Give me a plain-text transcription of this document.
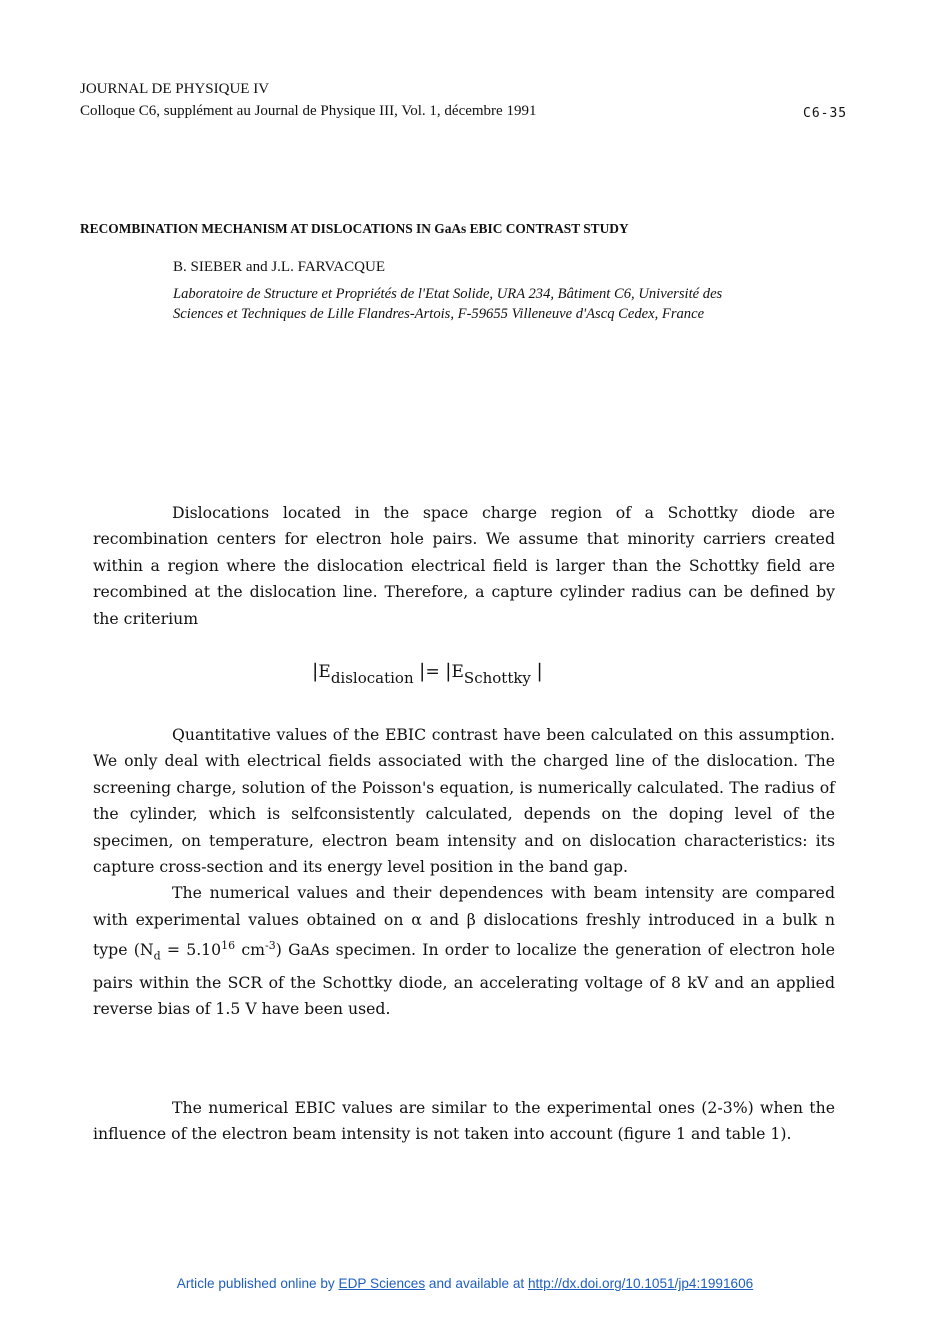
JOURNAL DE PHYSIQUE IV
Colloque C6, supplément au Journal de Physique III, Vol. 1, décembre 1991	C6-35
RECOMBINATION MECHANISM AT DISLOCATIONS IN GaAs EBIC CONTRAST STUDY
B. SIEBER and J.L. FARVACQUE
Laboratoire de Structure et Propriétés de l'Etat Solide, URA 234, Bâtiment C6, Université des
Sciences et Techniques de Lille Flandres-Artois, F-59655 Villeneuve d'Ascq Cedex, France

Dislocations located in the space charge region of a Schottky diode are recombination centers for electron hole pairs. We assume that minority carriers created within a region where the dislocation electrical field is larger than the Schottky field are recombined at the dislocation line. Therefore, a capture cylinder radius can be defined by the criterium

|Edislocation |= |ESchottky |

Quantitative values of the EBIC contrast have been calculated on this assumption. We only deal with electrical fields associated with the charged line of the dislocation. The screening charge, solution of the Poisson's equation, is numerically calculated. The radius of the cylinder, which is selfconsistently calculated, depends on the doping level of the specimen, on temperature, electron beam intensity and on dislocation characteristics: its capture cross-section and its energy level position in the band gap.

The numerical values and their dependences with beam intensity are compared with experimental values obtained on α and β dislocations freshly introduced in a bulk n type ($N_d = 5.10^{16}$ $cm^{-3}$) GaAs specimen. In order to localize the generation of electron hole pairs within the SCR of the Schottky diode, an accelerating voltage of 8 kV and an applied reverse bias of 1.5 V have been used.

The numerical EBIC values are similar to the experimental ones (2-3%) when the influence of the electron beam intensity is not taken into account (figure 1 and table 1).

Article published online by EDP Sciences and available at http://dx.doi.org/10.1051/jp4:1991606
